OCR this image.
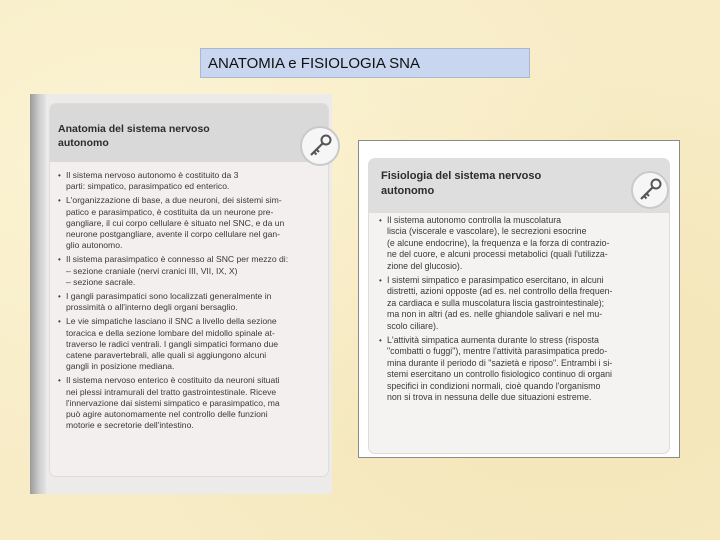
ANATOMIA e FISIOLOGIA SNA
Anatomia del sistema nervoso
autonomo
• Il sistema nervoso autonomo è costituito da 3
parti: simpatico, parasimpatico ed enterico.
• L'organizzazione di base, a due neuroni, dei sistemi sim-
patico e parasimpatico, è costituita da un neurone pre-
gangliare, il cui corpo cellulare è situato nel SNC, e da un
neurone postgangliare, avente il corpo cellulare nel gan-
glio autonomo.
• Il sistema parasimpatico è connesso al SNC per mezzo di:
– sezione craniale (nervi cranici III, VII, IX, X)
– sezione sacrale.
• I gangli parasimpatici sono localizzati generalmente in
prossimità o all'interno degli organi bersaglio.
• Le vie simpatiche lasciano il SNC a livello della sezione
toracica e della sezione lombare del midollo spinale at-
traverso le radici ventrali. I gangli simpatici formano due
catene paravertebrali, alle quali si aggiungono alcuni
gangli in posizione mediana.
• Il sistema nervoso enterico è costituito da neuroni situati
nei plessi intramurali del tratto gastrointestinale. Riceve
l'innervazione dai sistemi simpatico e parasimpatico, ma
può agire autonomamente nel controllo delle funzioni
motorie e secretorie dell'intestino.
Fisiologia del sistema nervoso
autonomo
• Il sistema autonomo controlla la muscolatura
liscia (viscerale e vascolare), le secrezioni esocrine
(e alcune endocrine), la frequenza e la forza di contrazio-
ne del cuore, e alcuni processi metabolici (quali l'utilizza-
zione del glucosio).
• I sistemi simpatico e parasimpatico esercitano, in alcuni
distretti, azioni opposte (ad es. nel controllo della frequen-
za cardiaca e sulla muscolatura liscia gastrointestinale);
ma non in altri (ad es. nelle ghiandole salivari e nel mu-
scolo ciliare).
• L'attività simpatica aumenta durante lo stress (risposta
"combatti o fuggi"), mentre l'attività parasimpatica predo-
mina durante il periodo di "sazietà e riposo". Entrambi i si-
stemi esercitano un controllo fisiologico continuo di organi
specifici in condizioni normali, cioè quando l'organismo
non si trova in nessuna delle due situazioni estreme.
